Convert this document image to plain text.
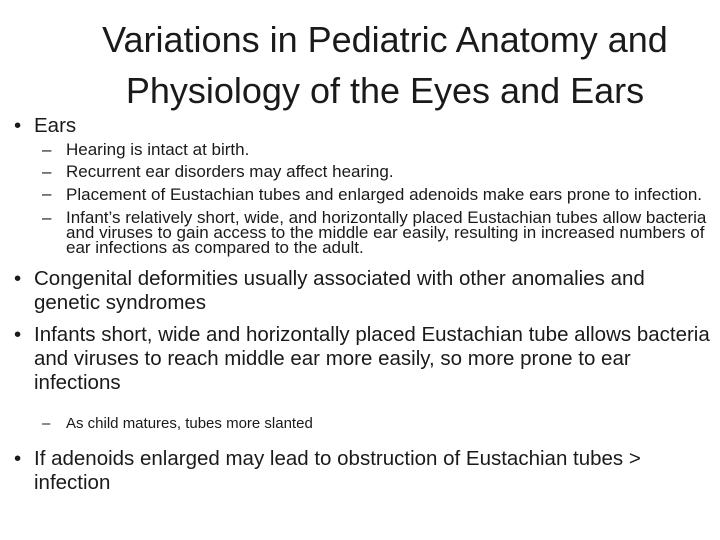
Variations in Pediatric Anatomy and
Physiology of the Eyes and Ears
• Ears
– Hearing is intact at birth.
– Recurrent ear disorders may affect hearing.
– Placement of Eustachian tubes and enlarged adenoids make ears prone to infection.
– Infant’s relatively short, wide, and horizontally placed Eustachian tubes allow bacteria and viruses to gain access to the middle ear easily, resulting in increased numbers of ear infections as compared to the adult.
• Congenital deformities usually associated with other anomalies and genetic syndromes
• Infants short, wide and horizontally placed Eustachian tube allows bacteria and viruses to reach middle ear more easily, so more prone to ear infections
– As child matures, tubes more slanted
• If adenoids enlarged may lead to obstruction of Eustachian tubes > infection
